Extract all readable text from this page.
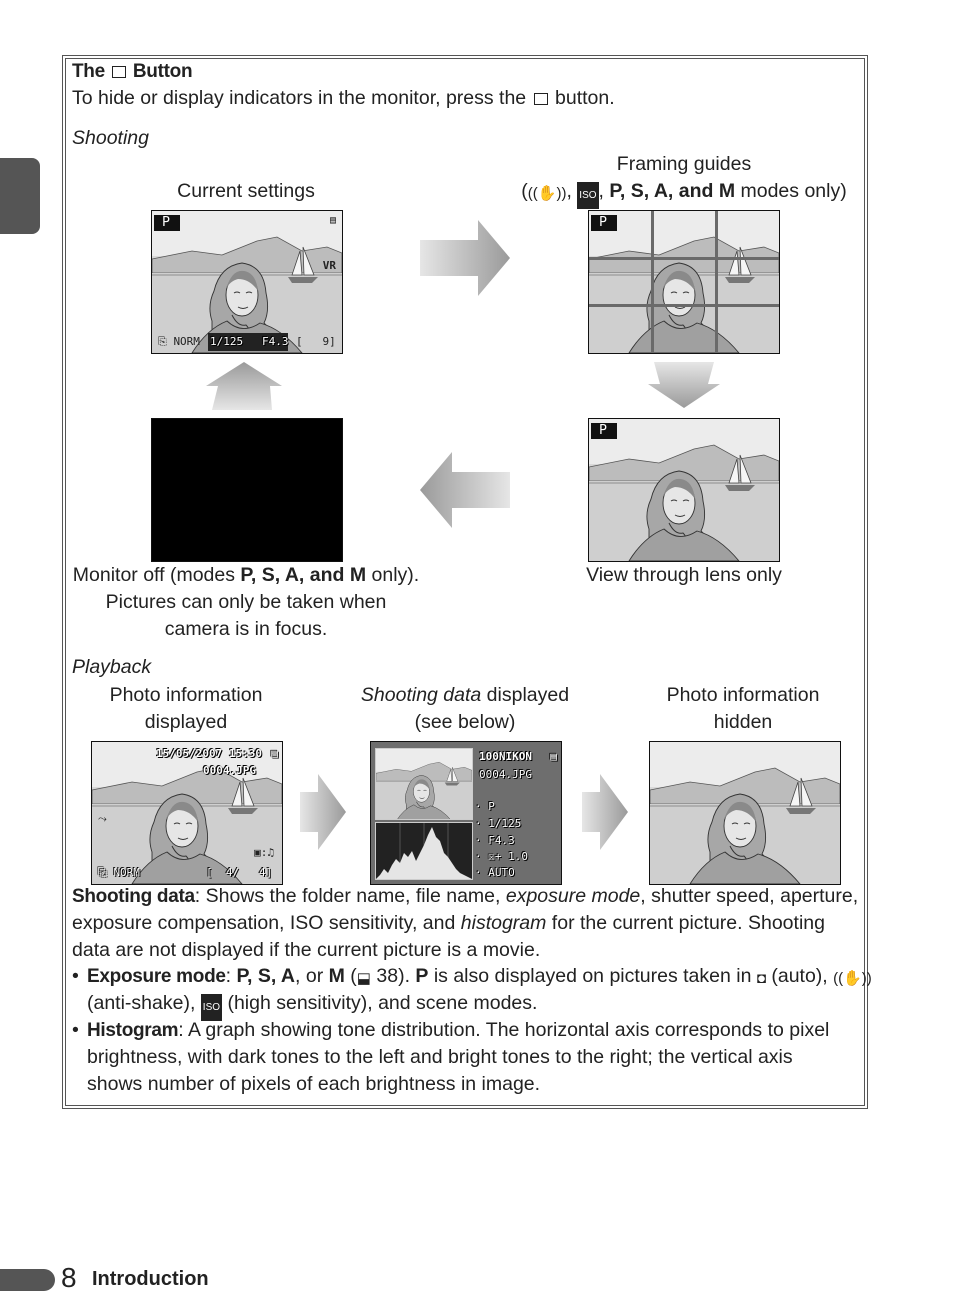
The Button
To hide or display indicators in the monitor, press the button.
Shooting
Current settings
Framing guides
(((✋)), ISO , P, S, A, and M modes only)
P	▤
VR
⎘ NORM 1/125 F4.3 [   9]
P
P
Monitor off (modes P, S, A, and M only).
Pictures can only be taken when
camera is in focus.
View through lens only
Playback
Photo information
displayed
Shooting data displayed
(see below)
Photo information
hidden
15/05/2007 15:30 ▤
0004.JPG
⤳
▣:♫
⎘ NORM	[  4/ 4]
100NIKON ▤
0004.JPG
· P
· 1/125
· F4.3
· ☒+ 1.0
· AUTO
Shooting data: Shows the folder name, file name, exposure mode, shutter speed, aperture,
exposure compensation, ISO sensitivity, and histogram for the current picture. Shooting
data are not displayed if the current picture is a movie.
• Exposure mode: P, S, A, or M (⬓ 38). P is also displayed on pictures taken in ◘ (auto), ((✋))
(anti-shake), ISO (high sensitivity), and scene modes.
• Histogram: A graph showing tone distribution. The horizontal axis corresponds to pixel
brightness, with dark tones to the left and bright tones to the right; the vertical axis
shows number of pixels of each brightness in image.
8 Introduction
